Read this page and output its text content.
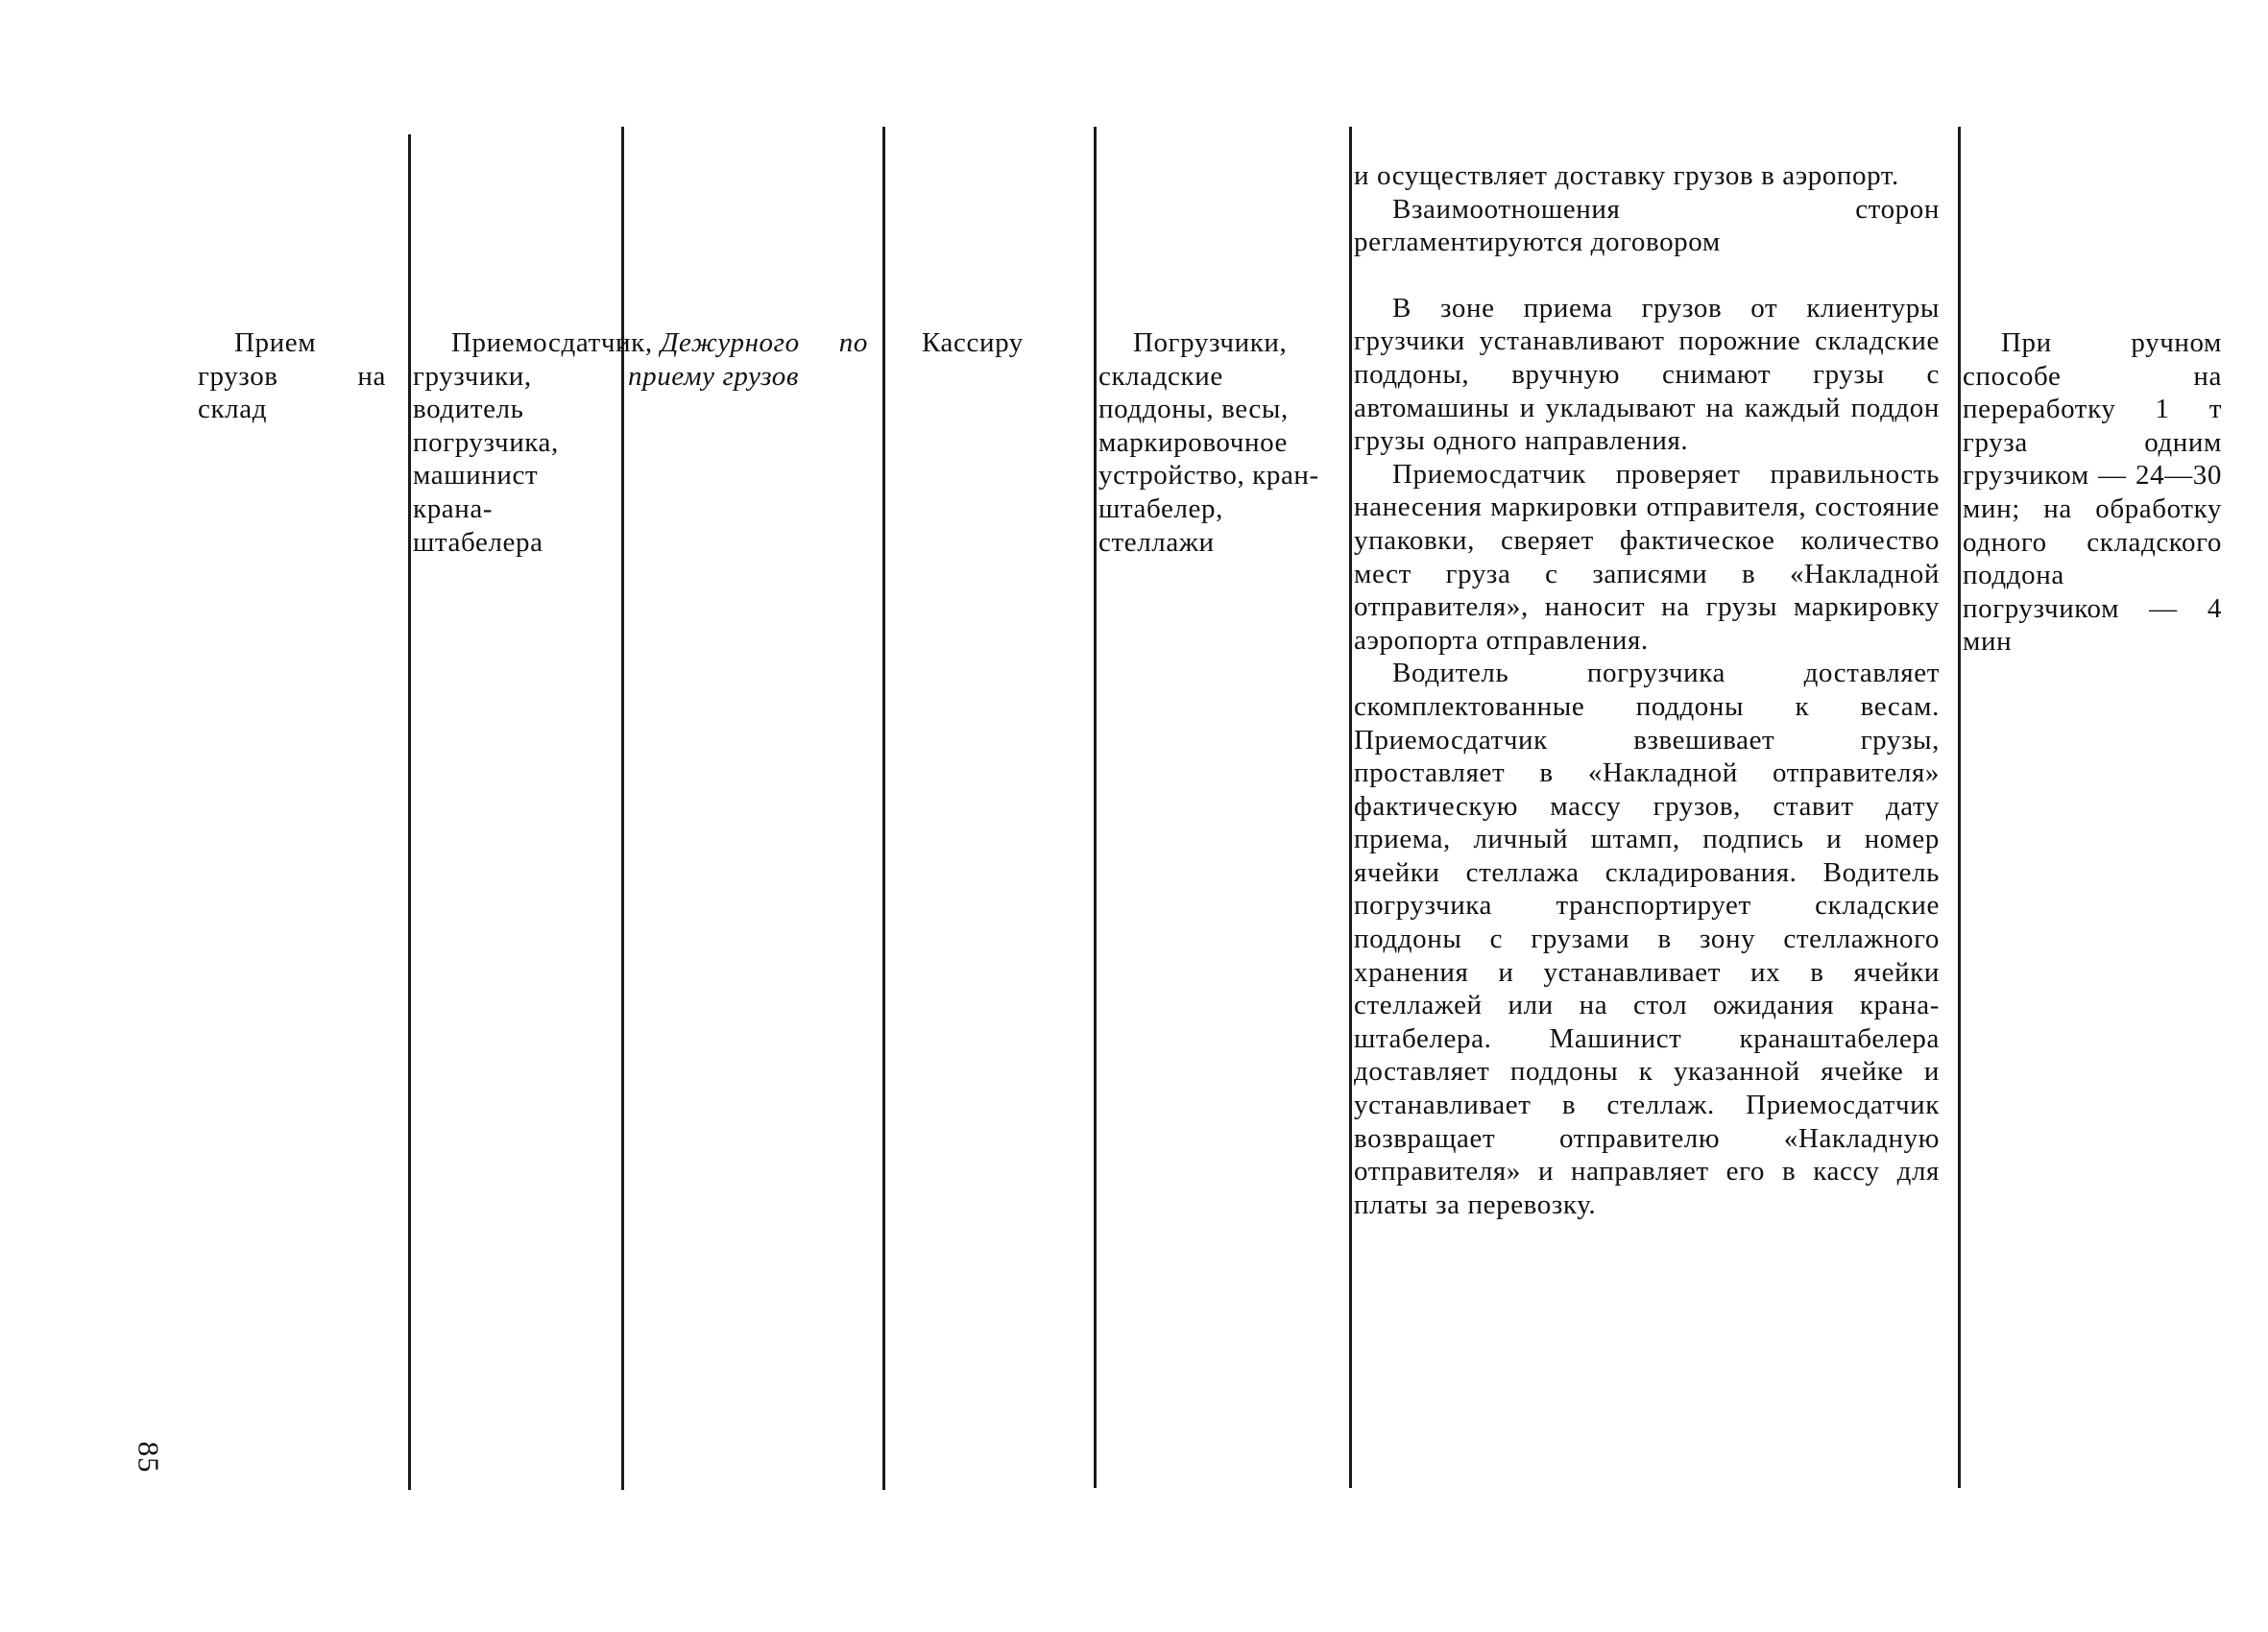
Прием грузов на склад
Приемосдатчик, грузчики, водитель погрузчика, машинист крана-штабелера
Дежурного по приему грузов
Кассиру	Погрузчики, складские поддоны, весы, маркировочное устройство, кран-штабелер, стеллажи

и осуществляет доставку грузов в аэропорт.

Взаимоотношения сторон регламентируются договором

В зоне приема грузов от клиентуры грузчики устанавливают порожние складские поддоны, вручную снимают грузы с автомашины и укладывают на каждый поддон грузы одного направления.

Приемосдатчик проверяет правильность нанесения маркировки отправителя, состояние упаковки, сверяет фактическое количество мест груза с записями в «Накладной отправителя», наносит на грузы маркировку аэропорта отправления.

Водитель погрузчика доставляет скомплектованные поддоны к весам. Приемосдатчик взвешивает грузы, проставляет в «Накладной отправителя» фактическую массу грузов, ставит дату приема, личный штамп, подпись и номер ячейки стеллажа складирования. Водитель погрузчика транспортирует складские поддоны с грузами в зону стеллажного хранения и устанавливает их в ячейки стеллажей или на стол ожидания крана-штабелера. Машинист кранаштабелера доставляет поддоны к указанной ячейке и устанавливает в стеллаж. Приемосдатчик возвращает отправителю «Накладную отправителя» и направляет его в кассу для платы за перевозку.

При ручном способе на переработку 1 т груза одним грузчиком — 24—30 мин; на обработку одного складского поддона погрузчиком — 4 мин
85
